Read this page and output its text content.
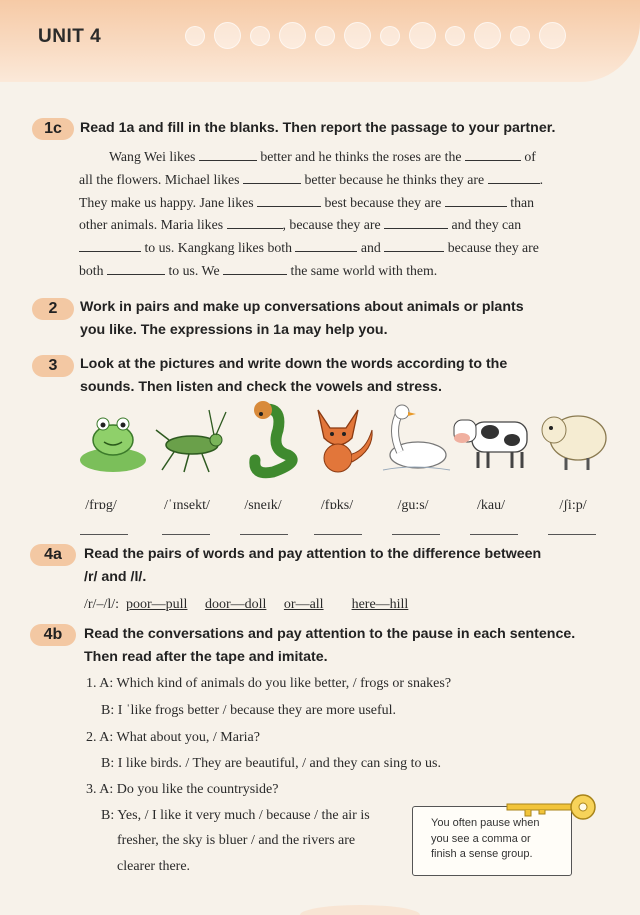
UNIT 4
1c	Read 1a and fill in the blanks. Then report the passage to your partner.
Wang Wei likes	better and he thinks the roses are the	of
all the flowers. Michael likes	better because he thinks they are	.
They make us happy. Jane likes	best because they are	than
other animals. Maria likes	, because they are	and they can
to us. Kangkang likes both	and	because they are
both	to us. We	the same world with them.
2	Work in pairs and make up conversations about animals or plants
you like. The expressions in 1a may help you.
3	Look at the pictures and write down the words according to the
sounds. Then listen and check the vowels and stress.
/frɒg/	/ˈɪnsekt/	/sneɪk/	/fɒks/	/gu:s/	/kau/	/ʃi:p/
4a	Read the pairs of words and pay attention to the difference between
/r/ and /l/.
/r/–/l/: poor—pull door—doll or—all here—hill
4b	Read the conversations and pay attention to the pause in each sentence.
Then read after the tape and imitate.
1. A: Which kind of animals do you like better, / frogs or snakes?
B: I ˈlike frogs better / because they are more useful.
2. A: What about you, / Maria?
B: I like birds. / They are beautiful, / and they can sing to us.
3. A: Do you like the countryside?
B: Yes, / I like it very much / because / the air is
fresher, the sky is bluer / and the rivers are
clearer there.
You often pause when
you see a comma or
finish a sense group.
